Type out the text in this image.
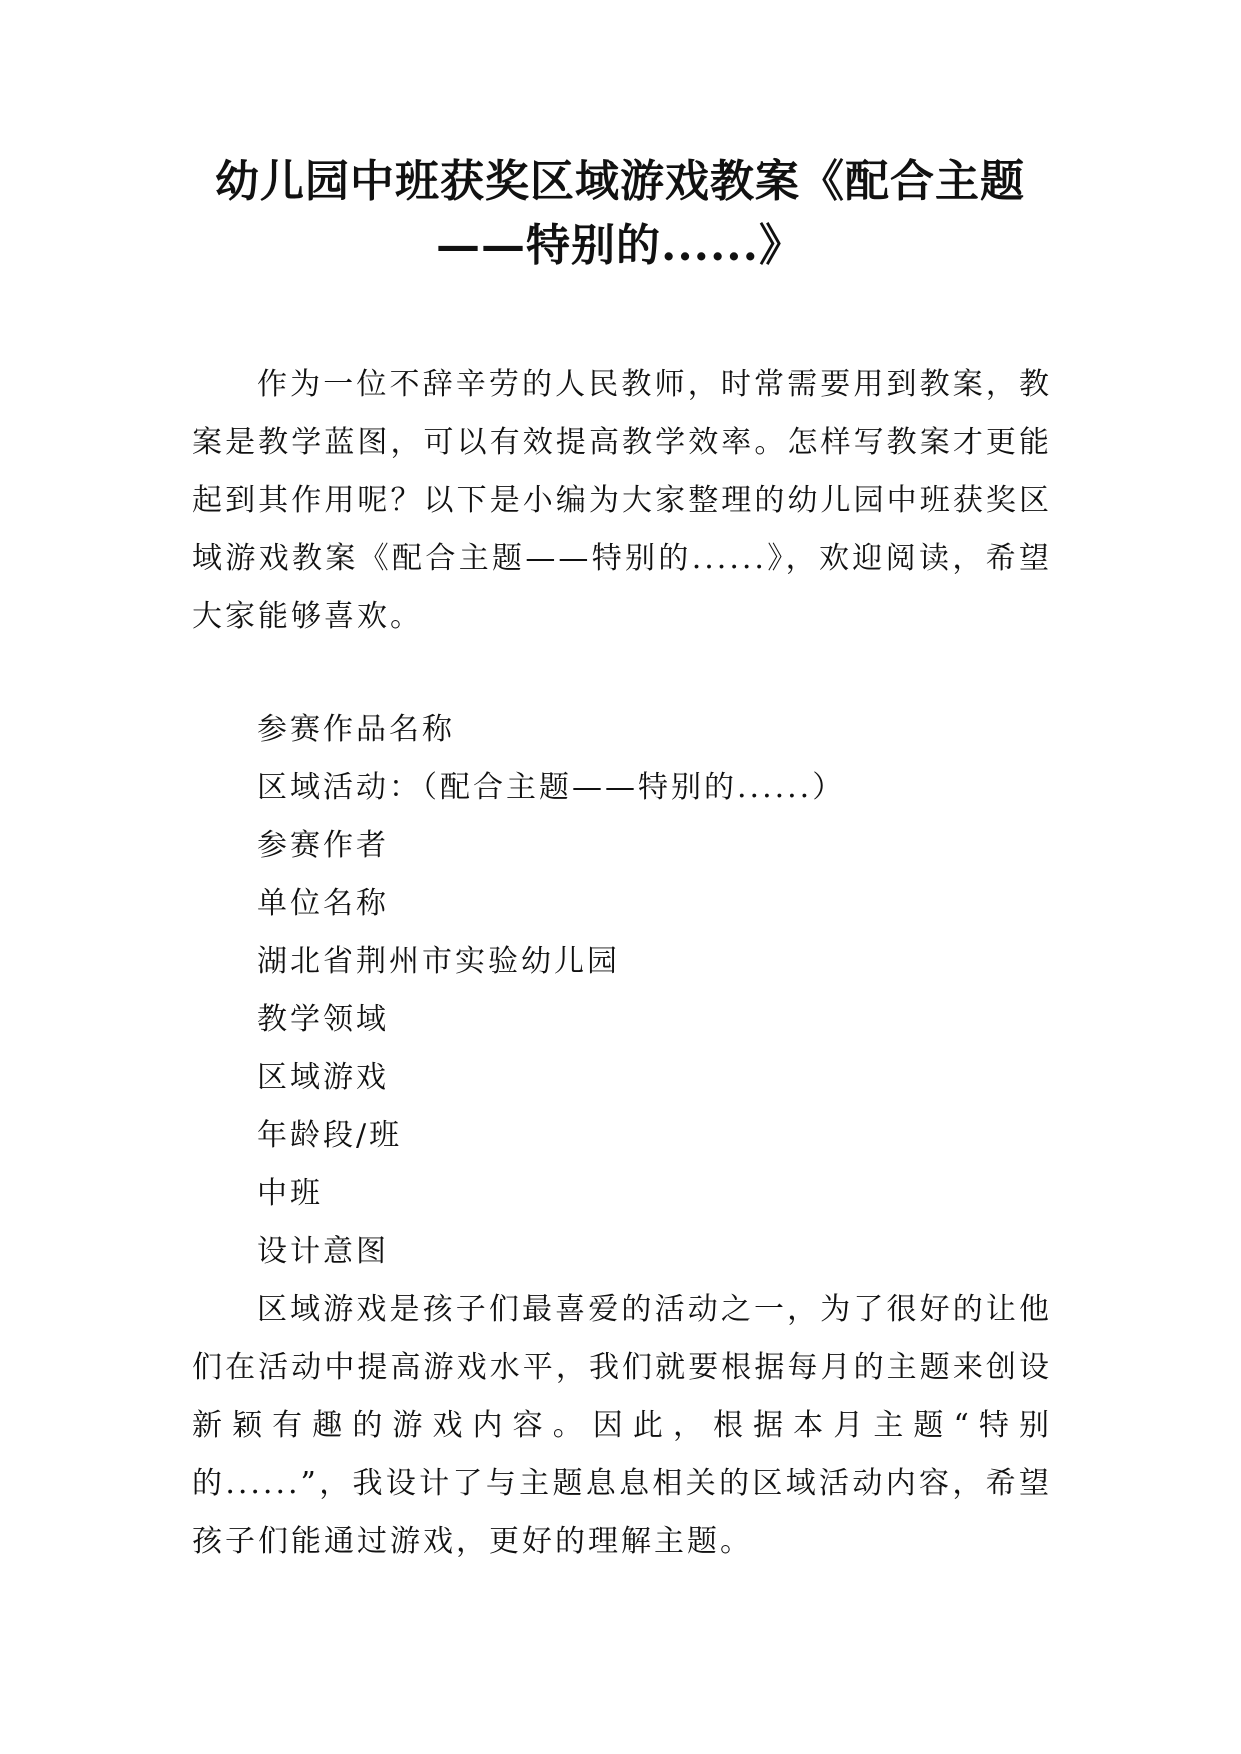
幼儿园中班获奖区域游戏教案《配合主题
——特别的......》

作为一位不辞辛劳的人民教师，时常需要用到教案，教案是教学蓝图，可以有效提高教学效率。怎样写教案才更能起到其作用呢？以下是小编为大家整理的幼儿园中班获奖区域游戏教案《配合主题——特别的......》，欢迎阅读，希望大家能够喜欢。

参赛作品名称
区域活动：（配合主题——特别的......）
参赛作者
单位名称
湖北省荆州市实验幼儿园
教学领域
区域游戏
年龄段/班
中班
设计意图

区域游戏是孩子们最喜爱的活动之一，为了很好的让他们在活动中提高游戏水平，我们就要根据每月的主题来创设新颖有趣的游戏内容。因此，根据本月主题“特别的......”，我设计了与主题息息相关的区域活动内容，希望孩子们能通过游戏，更好的理解主题。
